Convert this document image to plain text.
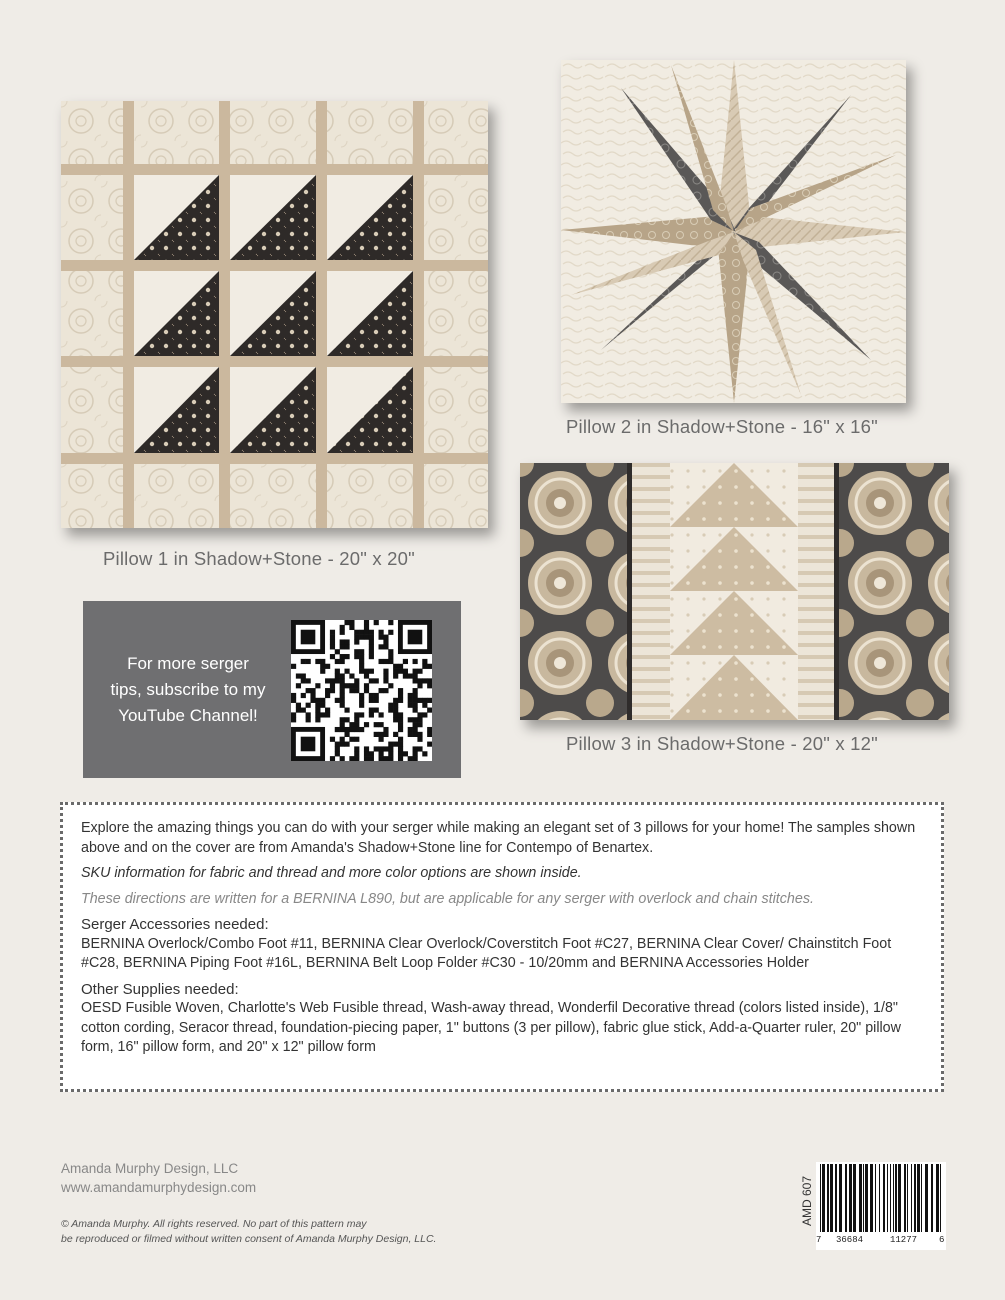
Pillow 1 in Shadow+Stone - 20" x 20"
Pillow 2 in Shadow+Stone - 16" x 16"
Pillow 3 in Shadow+Stone - 20" x 12"
For more serger
tips, subscribe to my
YouTube Channel!

Explore the amazing things you can do with your serger while making an elegant set of 3 pillows for your home! The samples shown above and on the cover are from Amanda's Shadow+Stone line for Contempo of Benartex.

SKU information for fabric and thread and more color options are shown inside.

These directions are written for a BERNINA L890, but are applicable for any serger with overlock and chain stitches.

Serger Accessories needed:

BERNINA Overlock/Combo Foot #11, BERNINA Clear Overlock/Coverstitch Foot #C27, BERNINA Clear Cover/ Chainstitch Foot #C28, BERNINA Piping Foot #16L, BERNINA Belt Loop Folder #C30 - 10/20mm and BERNINA Accessories Holder

Other Supplies needed:

OESD Fusible Woven, Charlotte's Web Fusible thread, Wash-away thread, Wonderfil Decorative thread (colors listed inside), 1/8" cotton cording, Seracor thread, foundation-piecing paper, 1" buttons (3 per pillow), fabric glue stick, Add-a-Quarter ruler, 20" pillow form, 16" pillow form, and 20" x 12" pillow form

Amanda Murphy Design, LLC
www.amandamurphydesign.com
© Amanda Murphy. All rights reserved. No part of this pattern may
be reproduced or filmed without written consent of Amanda Murphy Design, LLC.
AMD 607
7 36684	11277 6
